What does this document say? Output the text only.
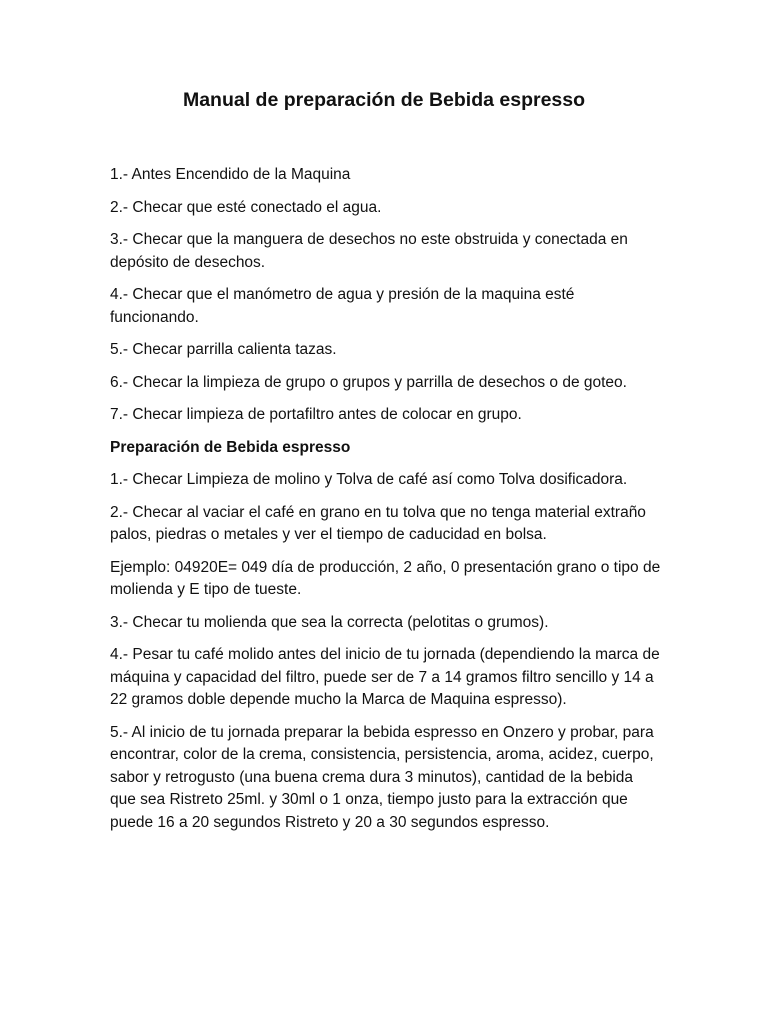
Manual de preparación de Bebida espresso

1.- Antes Encendido de la Maquina

2.- Checar que esté conectado el agua.

3.- Checar que la manguera de desechos no este obstruida y conectada en depósito de desechos.

4.- Checar que el manómetro de agua y presión de la maquina esté funcionando.

5.- Checar parrilla calienta tazas.

6.- Checar la limpieza de grupo o grupos y parrilla de desechos o de goteo.

7.- Checar limpieza de portafiltro antes de colocar en grupo.

Preparación de Bebida espresso

1.- Checar Limpieza de molino y Tolva de café así como Tolva dosificadora.

2.- Checar al vaciar el café en grano en tu tolva que no tenga material extraño palos, piedras o metales y ver el tiempo de caducidad en bolsa.

Ejemplo: 04920E= 049 día de producción, 2 año, 0 presentación grano o tipo de molienda y E tipo de tueste.

3.- Checar tu molienda que sea la correcta (pelotitas o grumos).

4.- Pesar tu café molido antes del inicio de tu jornada (dependiendo la marca de máquina y capacidad del filtro, puede ser de 7 a 14 gramos filtro sencillo y 14 a 22 gramos doble depende mucho la Marca de Maquina espresso).

5.- Al inicio de tu jornada preparar la bebida espresso en Onzero y probar, para encontrar, color de la crema, consistencia, persistencia, aroma, acidez, cuerpo, sabor y retrogusto (una buena crema dura 3 minutos), cantidad de la bebida que sea Ristreto 25ml. y 30ml o 1 onza, tiempo justo para la extracción que puede 16 a 20 segundos Ristreto y 20 a 30 segundos espresso.
